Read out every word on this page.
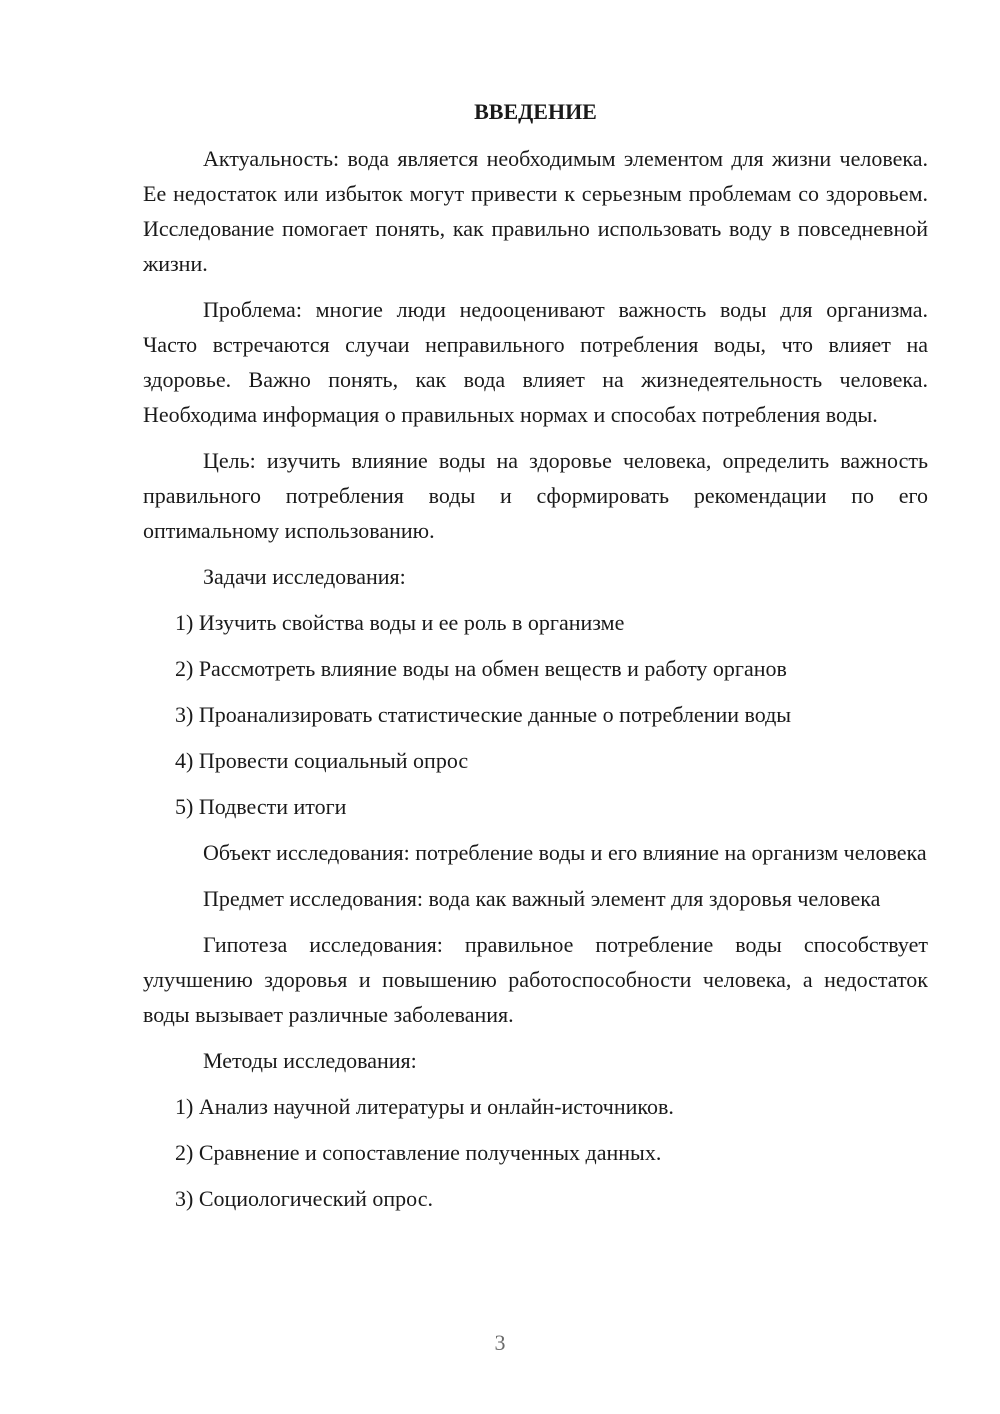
ВВЕДЕНИЕ

Актуальность: вода является необходимым элементом для жизни человека. Ее недостаток или избыток могут привести к серьезным проблемам со здоровьем. Исследование помогает понять, как правильно использовать воду в повседневной жизни.

Проблема: многие люди недооценивают важность воды для организма. Часто встречаются случаи неправильного потребления воды, что влияет на здоровье. Важно понять, как вода влияет на жизнедеятельность человека. Необходима информация о правильных нормах и способах потребления воды.

Цель: изучить влияние воды на здоровье человека, определить важность правильного потребления воды и сформировать рекомендации по его оптимальному использованию.

Задачи исследования:

1) Изучить свойства воды и ее роль в организме
2) Рассмотреть влияние воды на обмен веществ и работу органов
3) Проанализировать статистические данные о потреблении воды
4) Провести социальный опрос
5) Подвести итоги

Объект исследования: потребление воды и его влияние на организм человека

Предмет исследования: вода как важный элемент для здоровья человека

Гипотеза исследования: правильное потребление воды способствует улучшению здоровья и повышению работоспособности человека, а недостаток воды вызывает различные заболевания.

Методы исследования:

1) Анализ научной литературы и онлайн-источников.
2) Сравнение и сопоставление полученных данных.
3) Социологический опрос.
3
